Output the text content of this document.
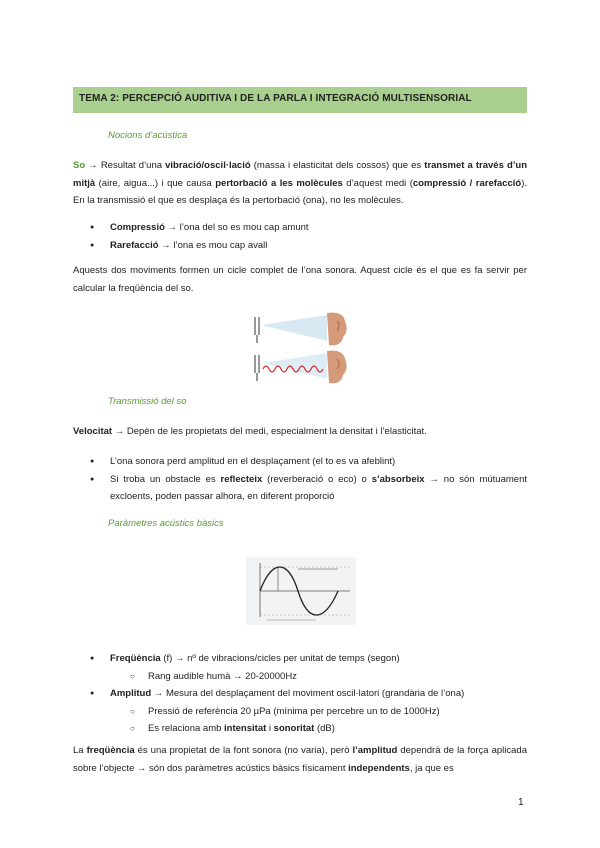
TEMA 2: PERCEPCIÓ AUDITIVA I DE LA PARLA I INTEGRACIÓ MULTISENSORIAL
Nocions d’acústica
So → Resultat d’una vibració/oscil·lació (massa i elasticitat dels cossos) que es transmet a través d’un mitjà (aire, aigua...) i que causa pertorbació a les molècules d’aquest medi (compressió / rarefacció). En la transmissió el que es desplaça és la pertorbació (ona), no les molècules.
● Compressió → l’ona del so es mou cap amunt
● Rarefacció → l’ona es mou cap avall
Aquests dos moviments formen un cicle complet de l’ona sonora. Aquest cicle és el que es fa servir per calcular la freqüència del so.
Transmissió del so
Velocitat → Depèn de les propietats del medi, especialment la densitat i l’elasticitat.
● L’ona sonora perd amplitud en el desplaçament (el to es va afeblint)
● Si troba un obstacle es reflecteix (reverberació o eco) o s’absorbeix → no són mútuament excloents, poden passar alhora, en diferent proporció
Paràmetres acústics bàsics
● Freqüència (f) → nº de vibracions/cicles per unitat de temps (segon)
○ Rang audible humà → 20-20000Hz
● Amplitud → Mesura del desplaçament del moviment oscil·latori (grandària de l’ona)
○ Pressió de referència 20 µPa (mínima per percebre un to de 1000Hz)
○ Es relaciona amb intensitat i sonoritat (dB)
La freqüència és una propietat de la font sonora (no varia), però l’amplitud dependrà de la força aplicada sobre l’objecte → són dos paràmetres acústics bàsics físicament independents, ja que es
1
